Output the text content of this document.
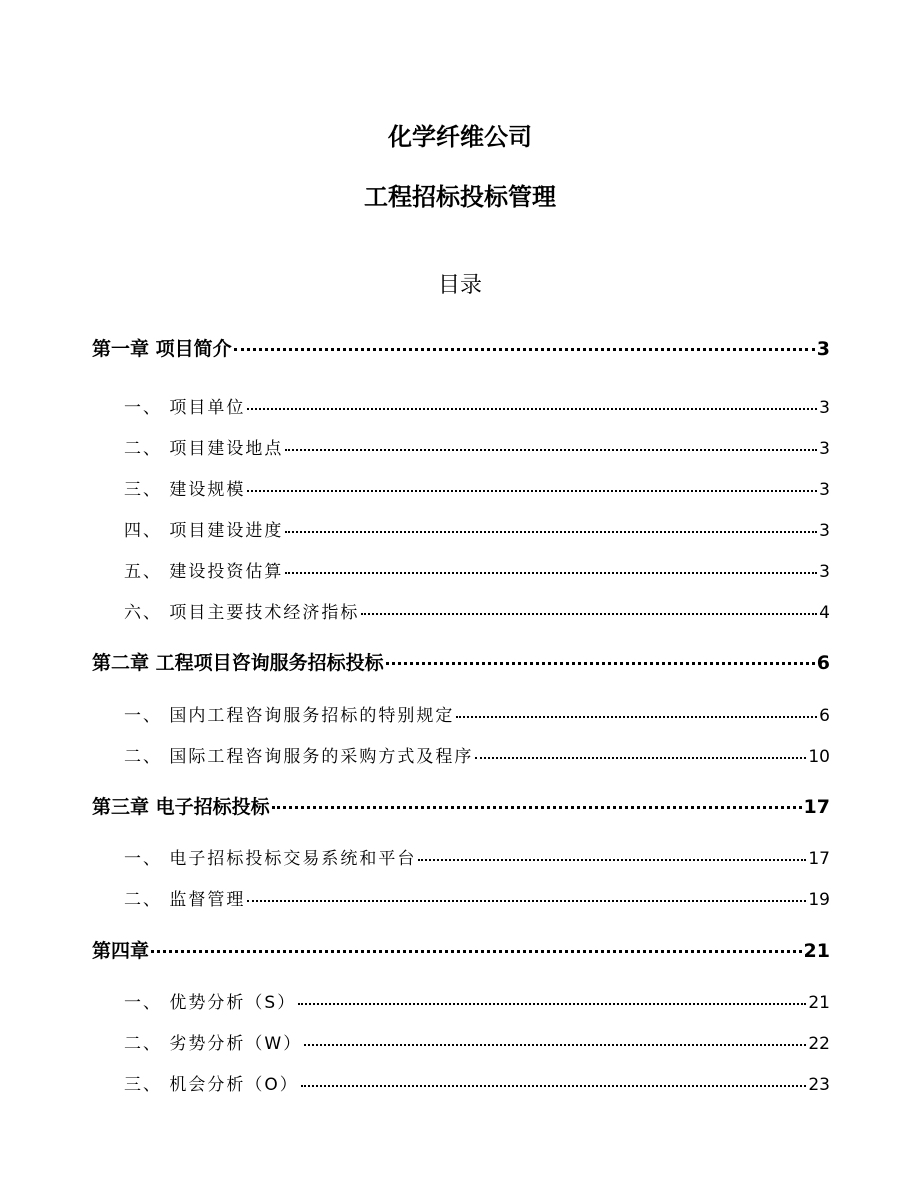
化学纤维公司
工程招标投标管理
目录
第一章 项目简介	3
一、 项目单位	3
二、 项目建设地点	3
三、 建设规模	3
四、 项目建设进度	3
五、 建设投资估算	3
六、 项目主要技术经济指标	4
第二章 工程项目咨询服务招标投标	6
一、 国内工程咨询服务招标的特别规定	6
二、 国际工程咨询服务的采购方式及程序	10
第三章 电子招标投标	17
一、 电子招标投标交易系统和平台	17
二、 监督管理	19
第四章	21
一、 优势分析（S）	21
二、 劣势分析（W）	22
三、 机会分析（O）	23
